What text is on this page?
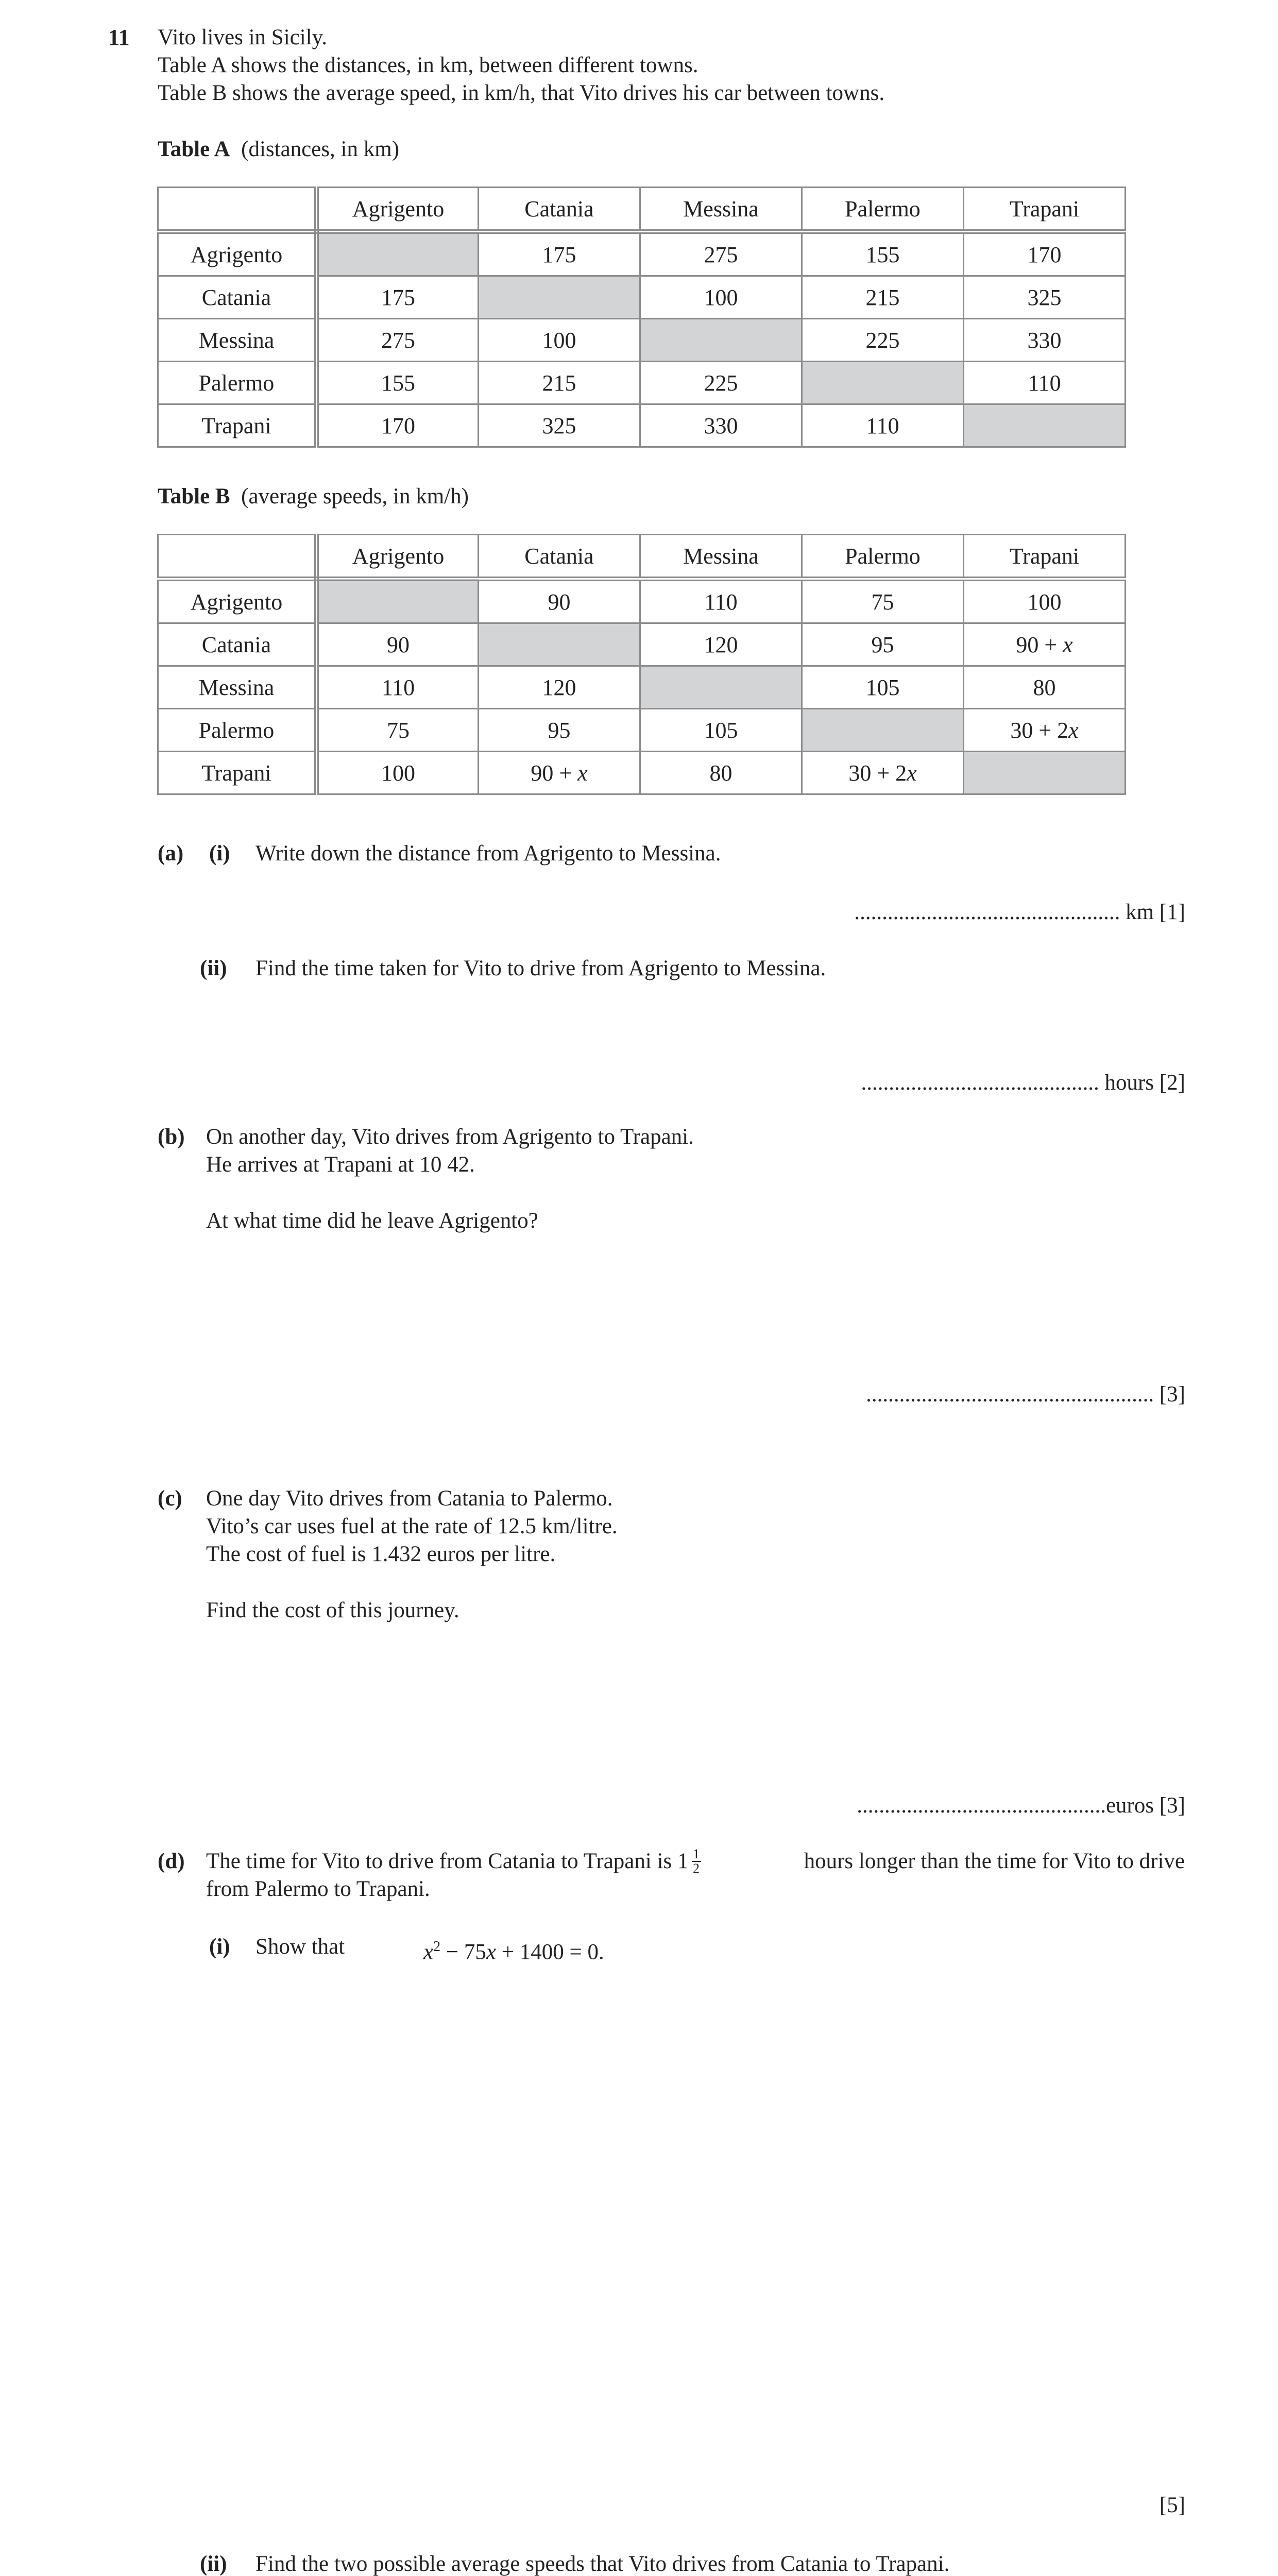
11 Vito lives in Sicily.
Table A shows the distances, in km, between different towns.
Table B shows the average speed, in km/h, that Vito drives his car between towns.
Table A (distances, in km)
	Agrigento	Catania	Messina	Palermo	Trapani
Agrigento		175	275	155	170
Catania	175		100	215	325
Messina	275	100		225	330
Palermo	155	215	225		110
Trapani	170	325	330	110	
Table B (average speeds, in km/h)
	Agrigento	Catania	Messina	Palermo	Trapani
Agrigento		90	110	75	100
Catania	90		120	95	90 + x
Messina	110	120		105	80
Palermo	75	95	105		30 + 2x
Trapani	100	90 + x	80	30 + 2x	
(a) (i) Write down the distance from Agrigento to Messina.
................................................ km [1]
(ii) Find the time taken for Vito to drive from Agrigento to Messina.
........................................... hours [2]
(b) On another day, Vito drives from Agrigento to Trapani.
He arrives at Trapani at 10 42.
At what time did he leave Agrigento?
.................................................... [3]
(c) One day Vito drives from Catania to Palermo.
Vito’s car uses fuel at the rate of 12.5 km/litre.
The cost of fuel is 1.432 euros per litre.
Find the cost of this journey.
.............................................euros [3]
(d) The time for Vito to drive from Catania to Trapani is 1 1
2	hours longer than the time for Vito to drive
from Palermo to Trapani.
(i) Show that	$x^2 - 75x + 1400 = 0$.
[5]
(ii) Find the two possible average speeds that Vito drives from Catania to Trapani.
